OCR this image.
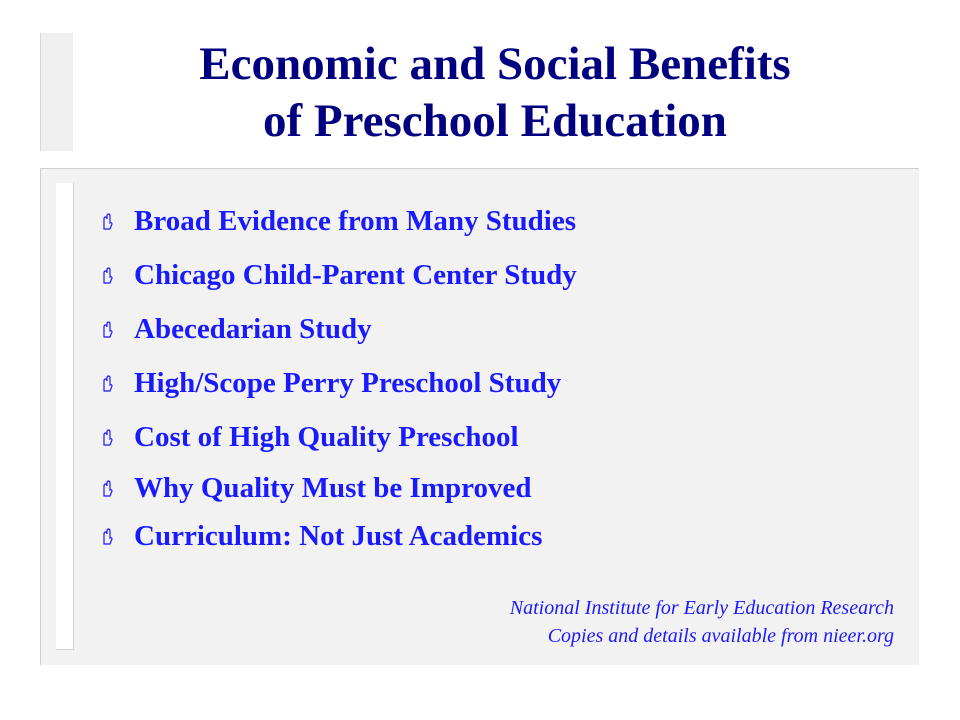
Economic and Social Benefits
of Preschool Education
Broad Evidence from Many Studies
Chicago Child-Parent Center Study
Abecedarian Study
High/Scope Perry Preschool Study
Cost of High Quality Preschool
Why Quality Must be Improved
Curriculum: Not Just Academics
National Institute for Early Education Research
Copies and details available from nieer.org
